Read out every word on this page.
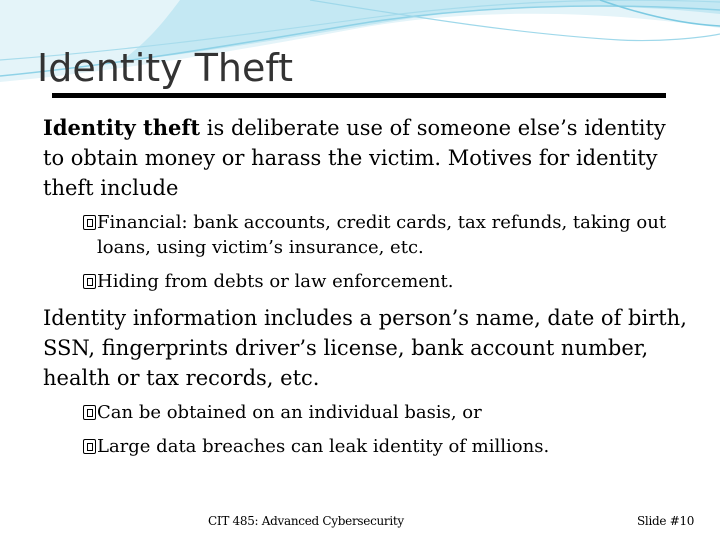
Identity Theft

Identity theft is deliberate use of someone else’s identity to obtain money or harass the victim. Motives for identity theft include

Financial: bank accounts, credit cards, tax refunds, taking out loans, using victim’s insurance, etc.
Hiding from debts or law enforcement.

Identity information includes a person’s name, date of birth, SSN, fingerprints driver’s license, bank account number, health or tax records, etc.

Can be obtained on an individual basis, or
Large data breaches can leak identity of millions.
CIT 485: Advanced Cybersecurity	Slide #10
